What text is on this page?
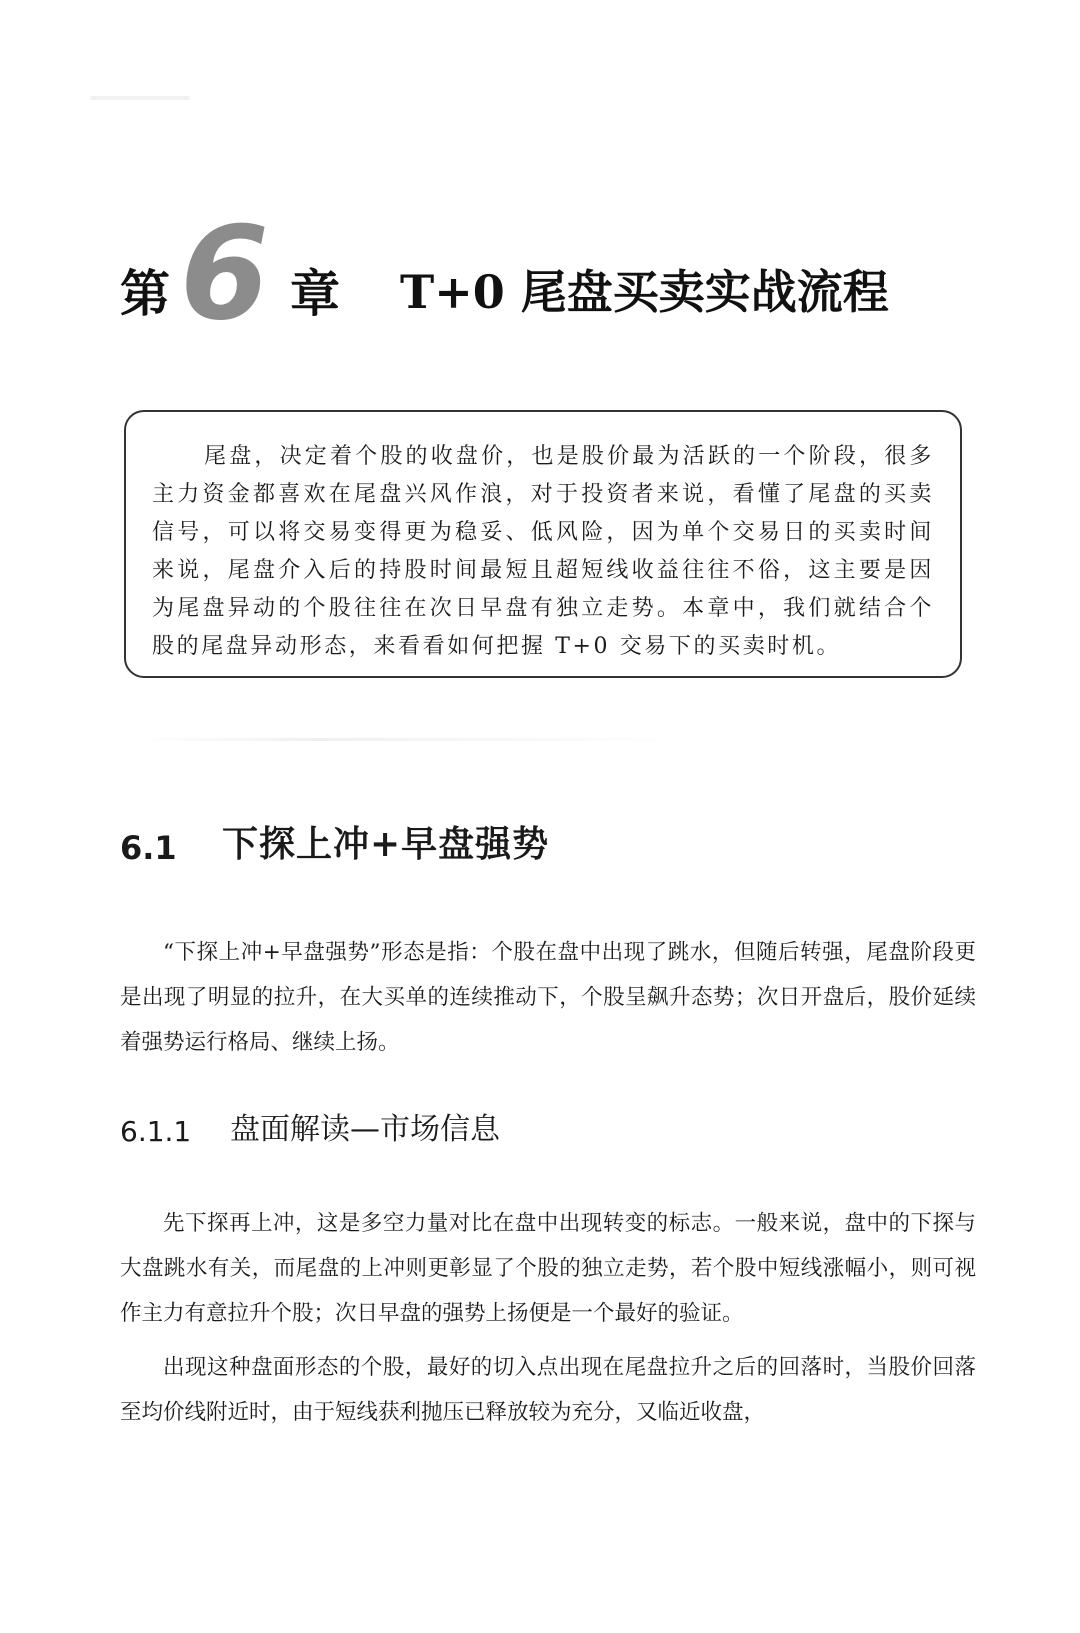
第 6 章 T+0 尾盘买卖实战流程

尾盘，决定着个股的收盘价，也是股价最为活跃的一个阶段，很多主力资金都喜欢在尾盘兴风作浪，对于投资者来说，看懂了尾盘的买卖信号，可以将交易变得更为稳妥、低风险，因为单个交易日的买卖时间来说，尾盘介入后的持股时间最短且超短线收益往往不俗，这主要是因为尾盘异动的个股往往在次日早盘有独立走势。本章中，我们就结合个股的尾盘异动形态，来看看如何把握 T+0 交易下的买卖时机。

6.1 下探上冲+早盘强势

“下探上冲+早盘强势”形态是指：个股在盘中出现了跳水，但随后转强，尾盘阶段更是出现了明显的拉升，在大买单的连续推动下，个股呈飙升态势；次日开盘后，股价延续着强势运行格局、继续上扬。

6.1.1 盘面解读—市场信息

先下探再上冲，这是多空力量对比在盘中出现转变的标志。一般来说，盘中的下探与大盘跳水有关，而尾盘的上冲则更彰显了个股的独立走势，若个股中短线涨幅小，则可视作主力有意拉升个股；次日早盘的强势上扬便是一个最好的验证。

出现这种盘面形态的个股，最好的切入点出现在尾盘拉升之后的回落时，当股价回落至均价线附近时，由于短线获利抛压已释放较为充分，又临近收盘，
